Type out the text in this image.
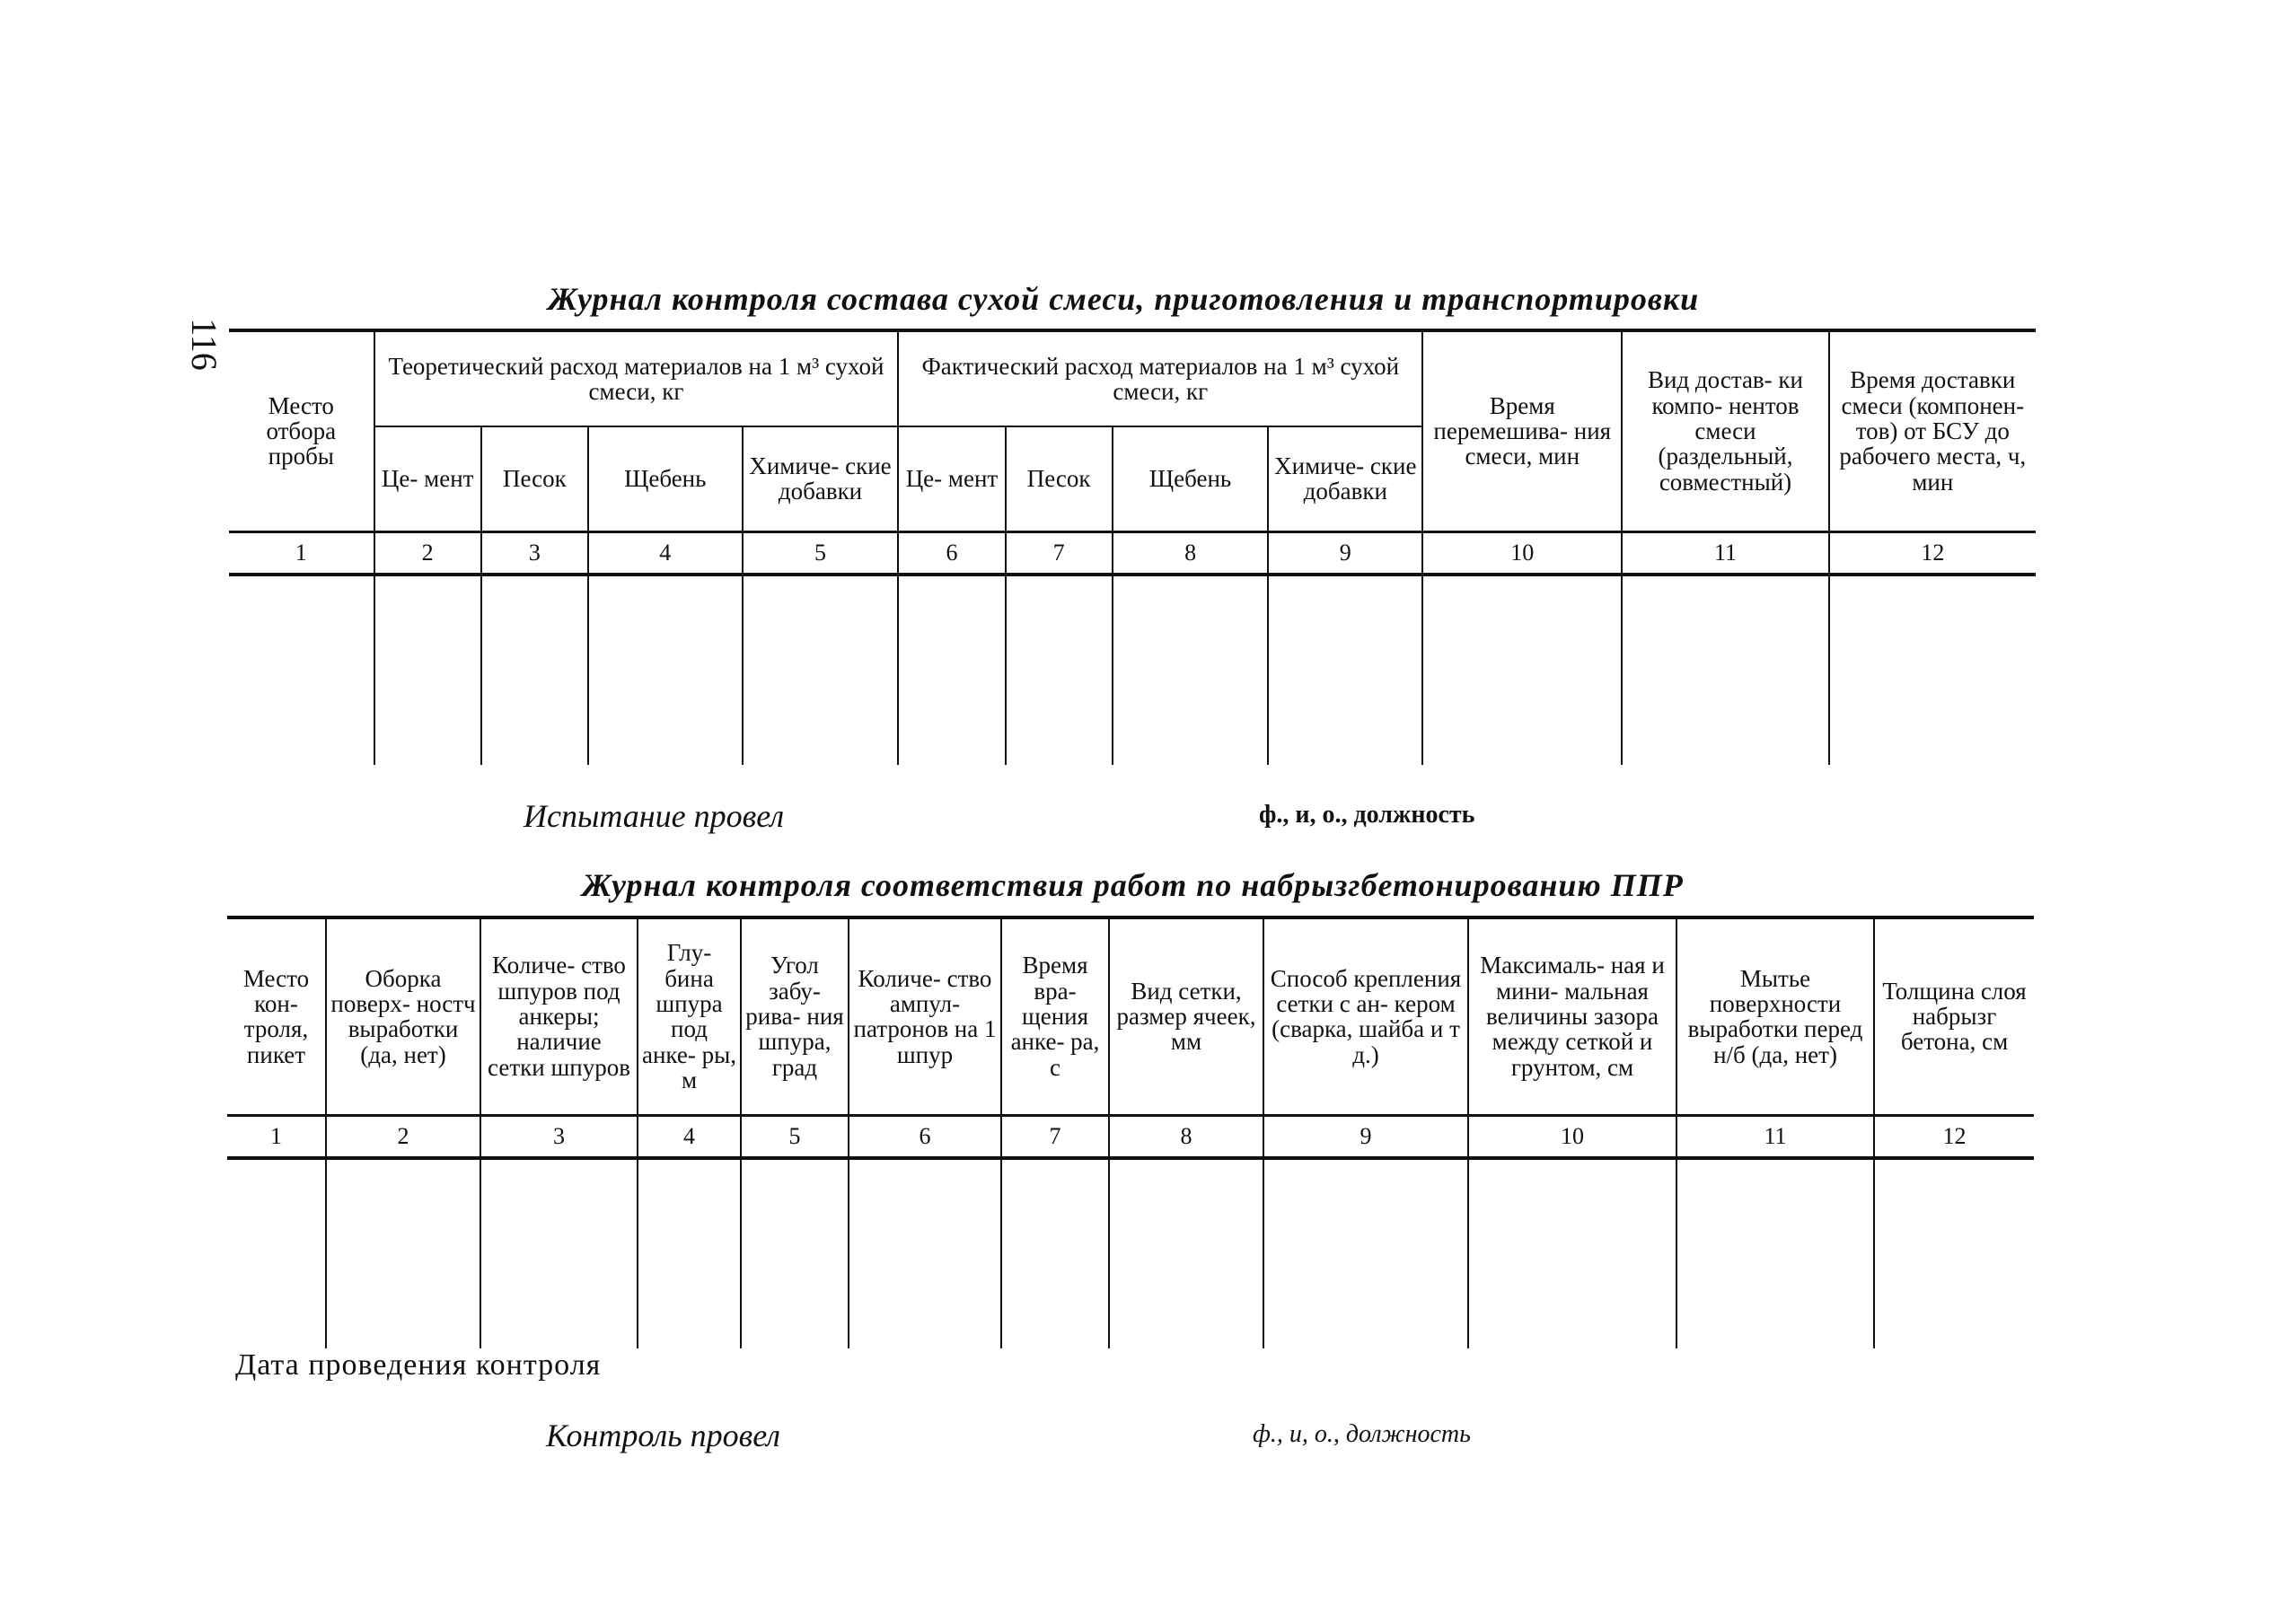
116
Журнал контроля состава сухой смеси, приготовления и транспортировки
Место отбора пробы	Теоретический расход материалов на 1 м³ сухой смеси, кг				Фактический расход материалов на 1 м³ сухой смеси, кг				Время перемешива- ния смеси, мин	Вид достав- ки компо- нентов смеси (раздельный, совместный)	Время доставки смеси (компонен- тов) от БСУ до рабочего места, ч, мин
	Це- мент	Песок	Щебень	Химиче- ские добавки	Це- мент	Песок	Щебень	Химиче- ские добавки			
1	2	3	4	5	6	7	8	9	10	11	12

Испытание провел	ф., и, о., должность
Журнал контроля соответствия работ по набрызгбетонированию ППР
Место кон- троля, пикет	Оборка поверх- ностч выработки (да, нет)	Количе- ство шпуров под анкеры; наличие сетки шпуров	Глу- бина шпура под анке- ры, м	Угол забу- рива- ния шпура, град	Количе- ство ампул- патронов на 1 шпур	Время вра- щения анке- ра, с	Вид сетки, размер ячеек, мм	Способ крепления сетки с ан- кером (сварка, шайба и т д.)	Максималь- ная и мини- мальная величины зазора между сеткой и грунтом, см	Мытье поверхности выработки перед н/б (да, нет)	Толщина слоя набрызг бетона, см
1	2	3	4	5	6	7	8	9	10	11	12

Дата проведения контроля
Контроль провел	ф., и, о., должность
